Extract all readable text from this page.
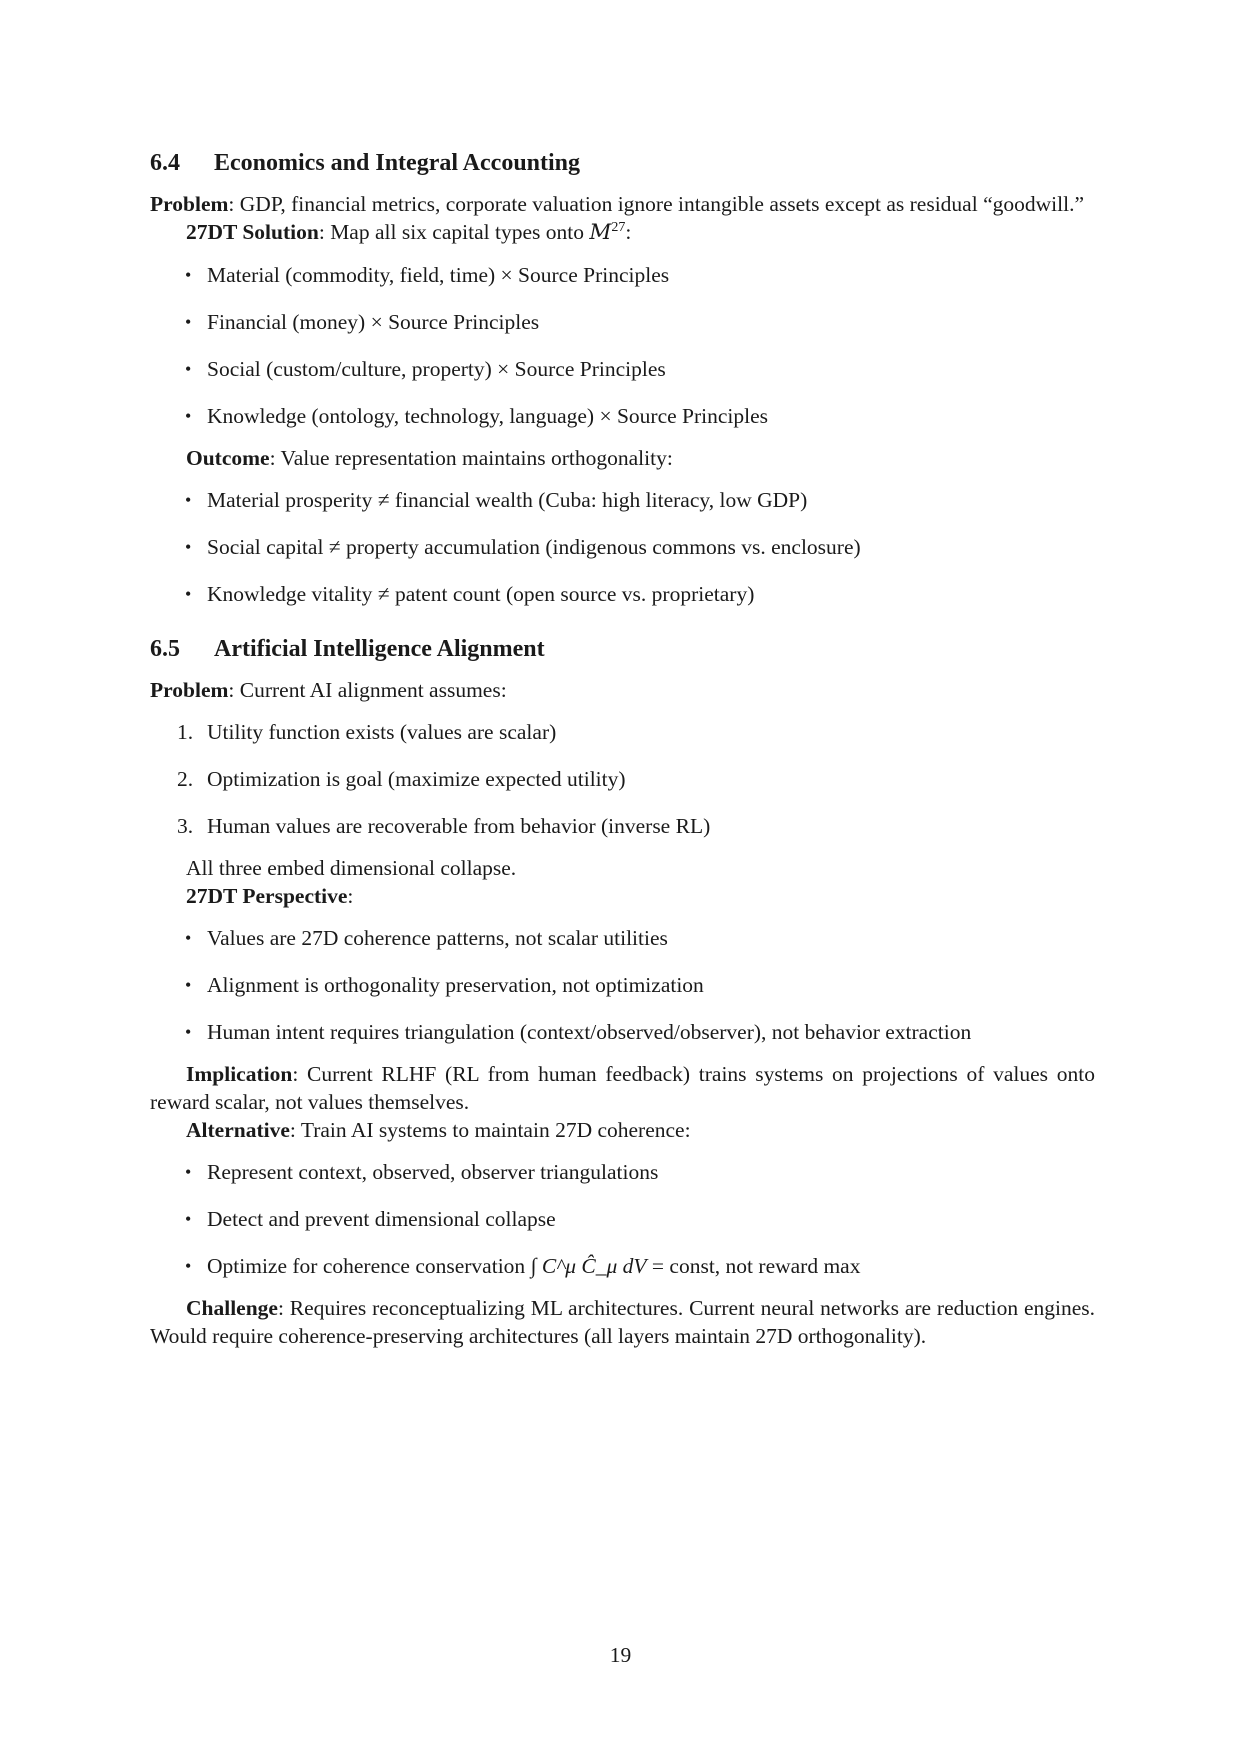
6.4 Economics and Integral Accounting

Problem: GDP, financial metrics, corporate valuation ignore intangible assets except as residual “goodwill.”

27DT Solution: Map all six capital types onto $M^{27}$:

• Material (commodity, field, time) × Source Principles
• Financial (money) × Source Principles
• Social (custom/culture, property) × Source Principles
• Knowledge (ontology, technology, language) × Source Principles

Outcome: Value representation maintains orthogonality:

• Material prosperity ≠ financial wealth (Cuba: high literacy, low GDP)
• Social capital ≠ property accumulation (indigenous commons vs. enclosure)
• Knowledge vitality ≠ patent count (open source vs. proprietary)
6.5 Artificial Intelligence Alignment

Problem: Current AI alignment assumes:

1. Utility function exists (values are scalar)
2. Optimization is goal (maximize expected utility)
3. Human values are recoverable from behavior (inverse RL)

All three embed dimensional collapse.

27DT Perspective:

• Values are 27D coherence patterns, not scalar utilities
• Alignment is orthogonality preservation, not optimization
• Human intent requires triangulation (context/observed/observer), not behavior extraction

Implication: Current RLHF (RL from human feedback) trains systems on projections of values onto reward scalar, not values themselves.

Alternative: Train AI systems to maintain 27D coherence:

• Represent context, observed, observer triangulations
• Detect and prevent dimensional collapse
• Optimize for coherence conservation ∫ C^μ Ĉ_μ dV = const, not reward max

Challenge: Requires reconceptualizing ML architectures. Current neural networks are reduction engines. Would require coherence-preserving architectures (all layers maintain 27D orthogonality).

19
